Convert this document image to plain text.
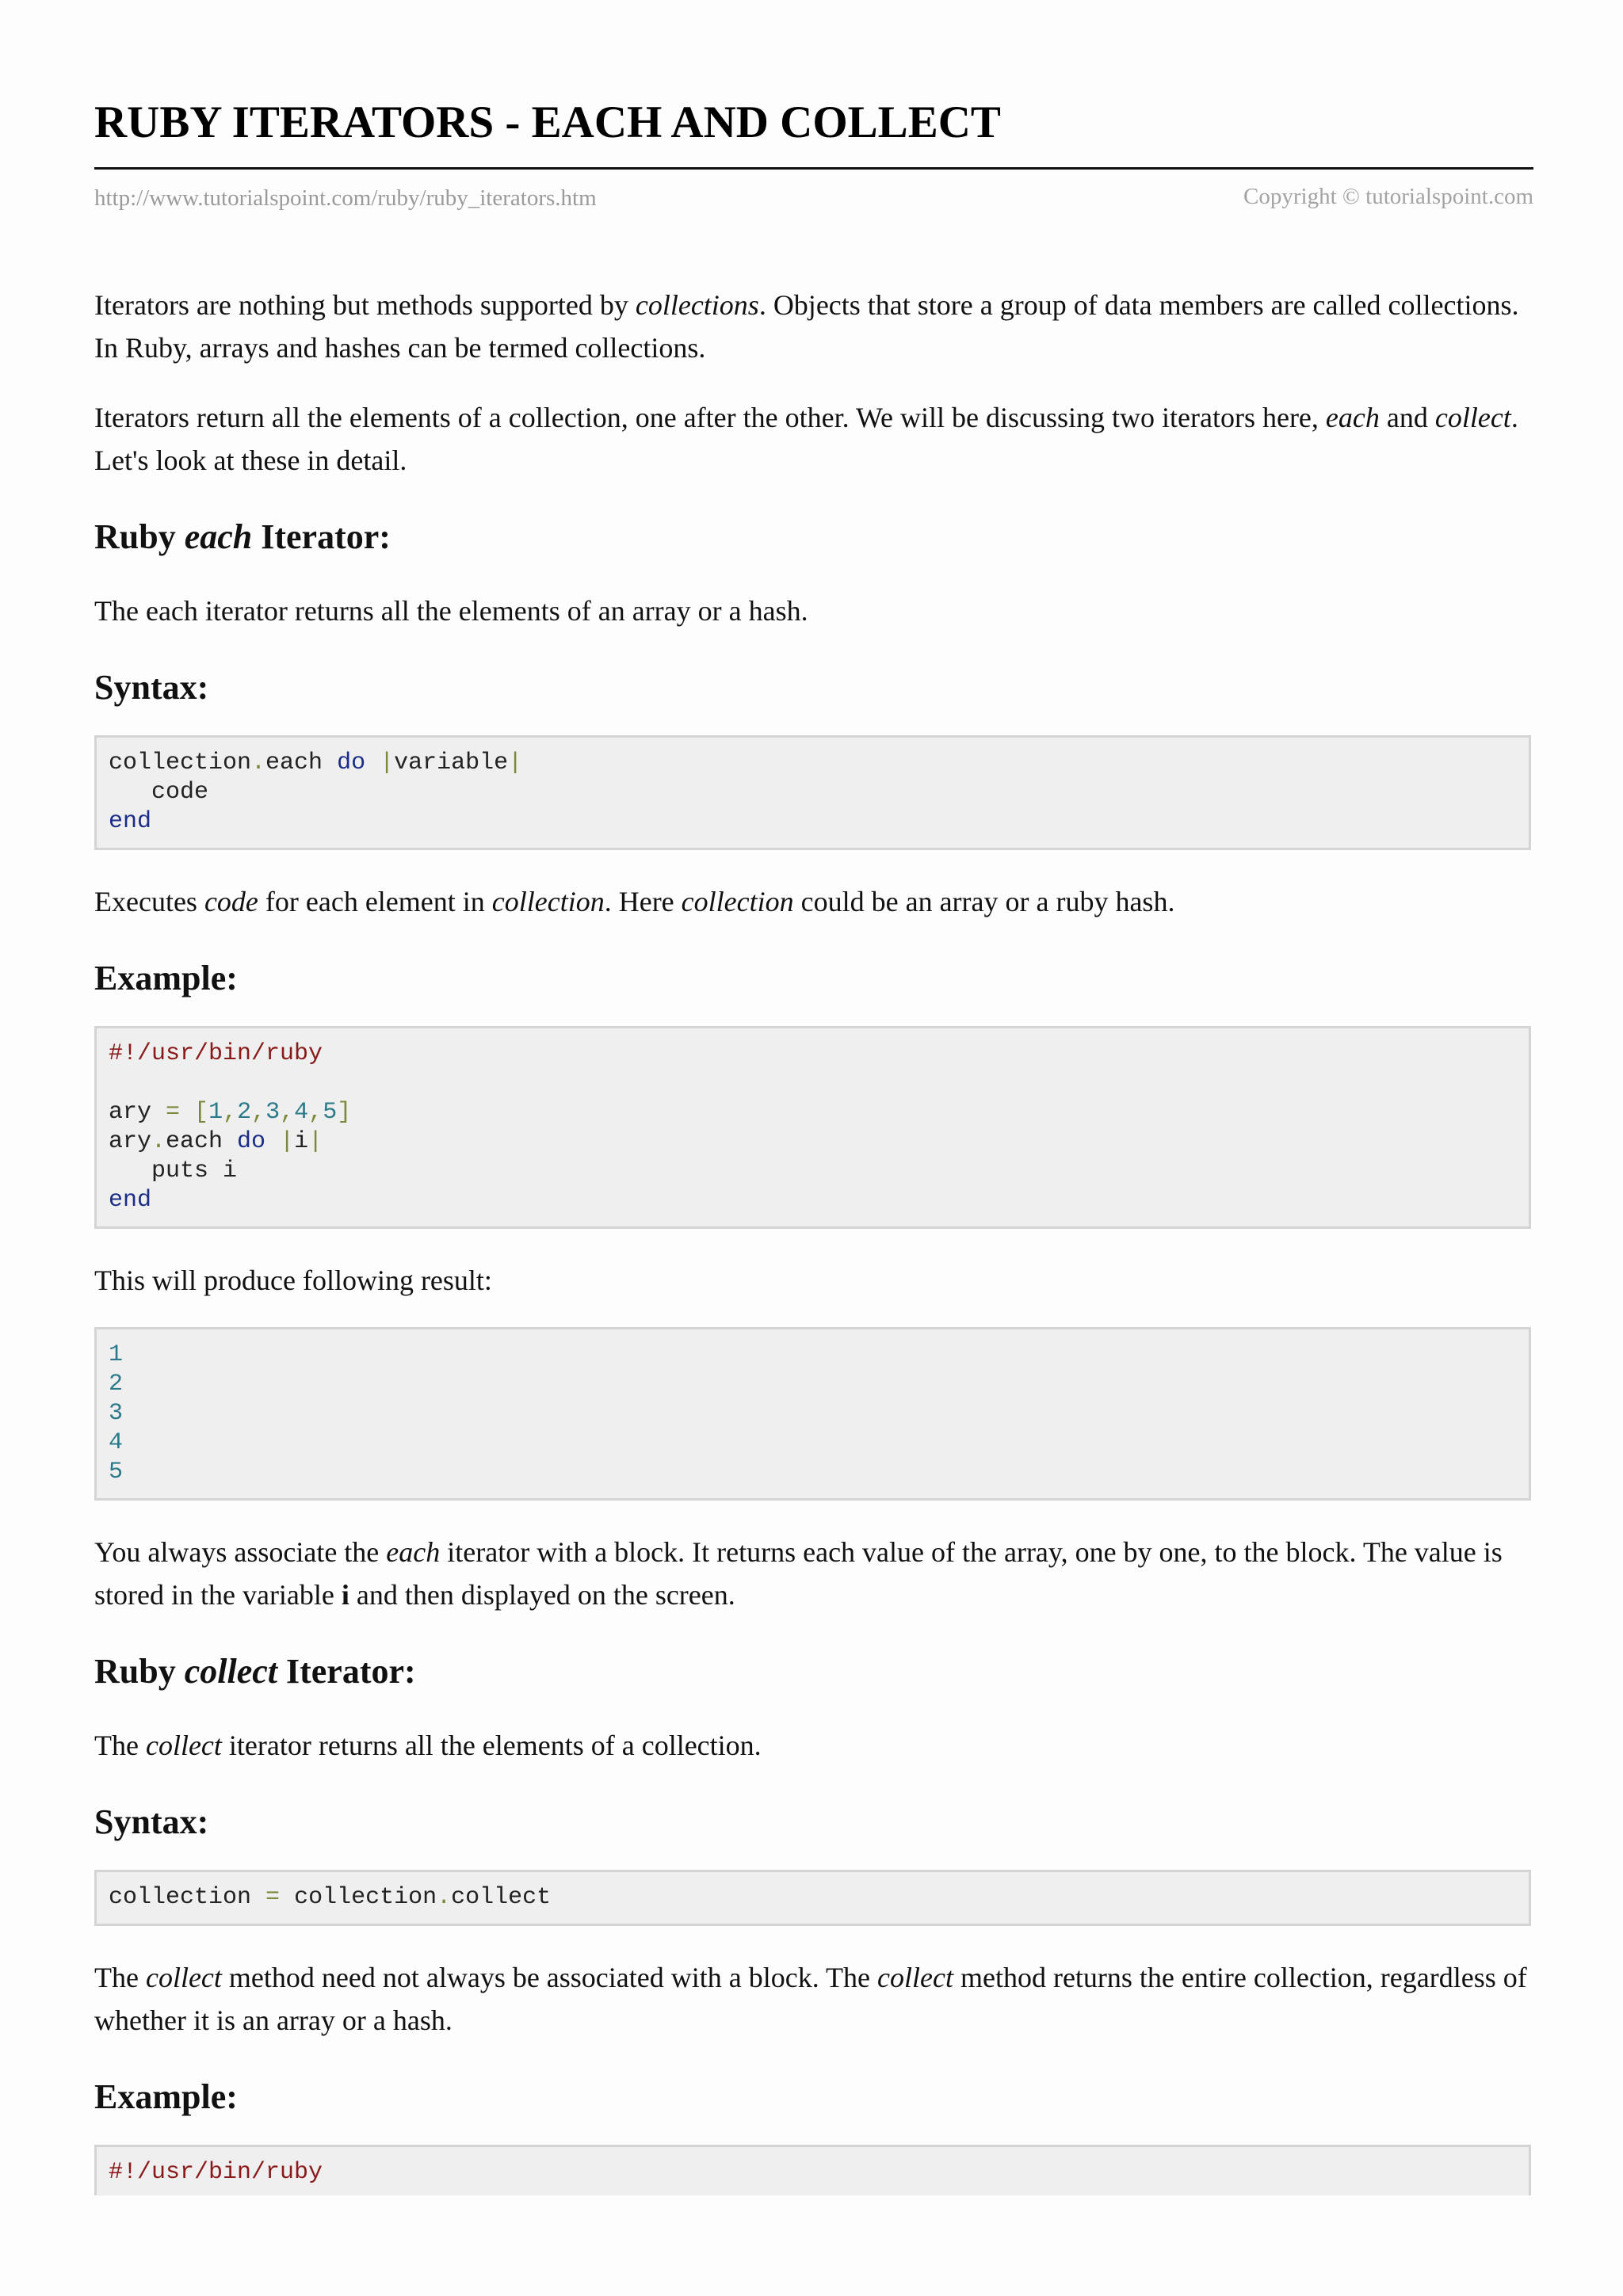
RUBY ITERATORS - EACH AND COLLECT
http://www.tutorialspoint.com/ruby/ruby_iterators.htm	Copyright © tutorialspoint.com

Iterators are nothing but methods supported by collections. Objects that store a group of data members are called collections. In Ruby, arrays and hashes can be termed collections.

Iterators return all the elements of a collection, one after the other. We will be discussing two iterators here, each and collect. Let's look at these in detail.

Ruby each Iterator:

The each iterator returns all the elements of an array or a hash.

Syntax:
collection.each do |variable|
code
end

Executes code for each element in collection. Here collection could be an array or a ruby hash.

Example:
#!/usr/bin/ruby

ary = [1,2,3,4,5]
ary.each do |i|
puts i
end

This will produce following result:

1
2
3
4
5

You always associate the each iterator with a block. It returns each value of the array, one by one, to the block. The value is stored in the variable i and then displayed on the screen.

Ruby collect Iterator:

The collect iterator returns all the elements of a collection.

Syntax:
collection = collection.collect

The collect method need not always be associated with a block. The collect method returns the entire collection, regardless of whether it is an array or a hash.

Example:
#!/usr/bin/ruby
